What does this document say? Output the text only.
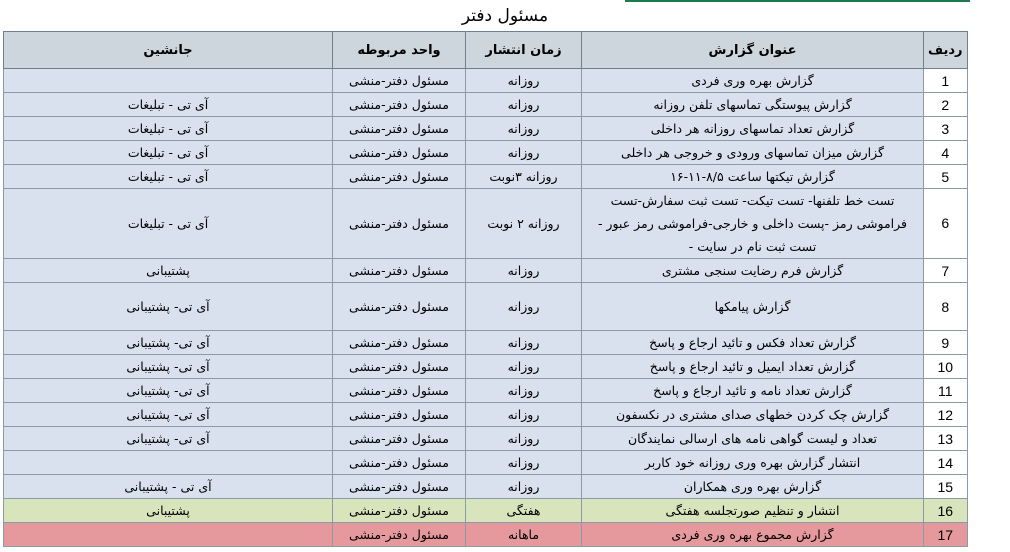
مسئول دفتر
ردیف	عنوان گزارش	زمان انتشار	واحد مربوطه	جانشین
1	گزارش بهره وری فردی	روزانه	مسئول دفتر-منشی	
2	گزارش پیوستگی تماسهای تلفن روزانه	روزانه	مسئول دفتر-منشی	آی تی - تبلیغات
3	گزارش تعداد تماسهای روزانه هر داخلی	روزانه	مسئول دفتر-منشی	آی تی - تبلیغات
4	گزارش میزان تماسهای ورودی و خروجی هر داخلی	روزانه	مسئول دفتر-منشی	آی تی - تبلیغات
5	گزارش تیکتها ساعت ۸/۵-۱۱-۱۶	روزانه ۳نوبت	مسئول دفتر-منشی	آی تی - تبلیغات
6	تست خط تلفنها- تست تیکت- تست ثبت سفارش-تست فراموشی رمز -پست داخلی و خارجی-فراموشی رمز عبور - تست ثبت نام در سایت -	روزانه ۲ نوبت	مسئول دفتر-منشی	آی تی - تبلیغات
7	گزارش فرم رضایت سنجی مشتری	روزانه	مسئول دفتر-منشی	پشتیبانی
8	گزارش پیامکها	روزانه	مسئول دفتر-منشی	آی تی- پشتیبانی
9	گزارش تعداد فکس و تائید ارجاع و پاسخ	روزانه	مسئول دفتر-منشی	آی تی- پشتیبانی
10	گزارش تعداد ایمیل و تائید ارجاع و پاسخ	روزانه	مسئول دفتر-منشی	آی تی- پشتیبانی
11	گزارش تعداد نامه و تائید ارجاع و پاسخ	روزانه	مسئول دفتر-منشی	آی تی- پشتیبانی
12	گزارش چک کردن خطهای صدای مشتری در نکسفون	روزانه	مسئول دفتر-منشی	آی تی- پشتیبانی
13	تعداد و لیست گواهی نامه های ارسالی نمایندگان	روزانه	مسئول دفتر-منشی	آی تی- پشتیبانی
14	انتشار گزارش بهره وری روزانه خود کاربر	روزانه	مسئول دفتر-منشی	
15	گزارش بهره وری همکاران	روزانه	مسئول دفتر-منشی	آی تی - پشتیبانی
16	انتشار و تنظیم صورتجلسه هفتگی	هفتگی	مسئول دفتر-منشی	پشتیبانی
17	گزارش مجموع بهره وری فردی	ماهانه	مسئول دفتر-منشی	
